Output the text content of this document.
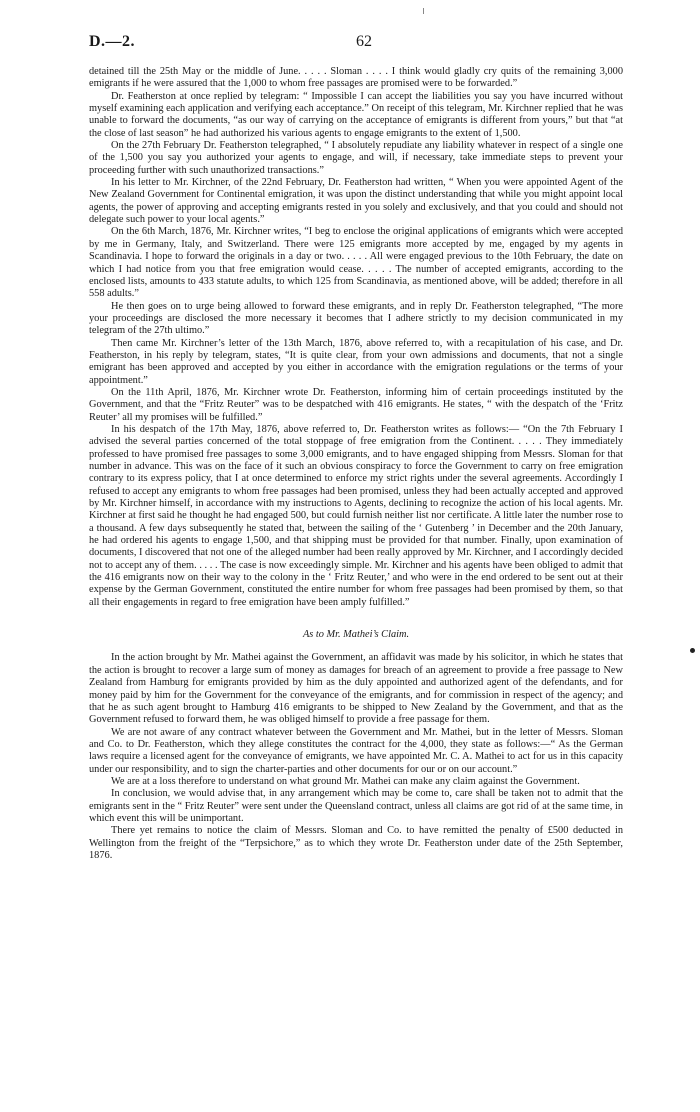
D.—2.	62

detained till the 25th May or the middle of June. . . . . Sloman . . . . I think would gladly cry quits of the remaining 3,000 emigrants if he were assured that the 1,000 to whom free passages are promised were to be forwarded.”

Dr. Featherston at once replied by telegram: “ Impossible I can accept the liabilities you say you have incurred without myself examining each application and verifying each acceptance.” On receipt of this telegram, Mr. Kirchner replied that he was unable to forward the documents, “as our way of carrying on the acceptance of emigrants is different from yours,” but that “at the close of last season” he had authorized his various agents to engage emigrants to the extent of 1,500.

On the 27th February Dr. Featherston telegraphed, “ I absolutely repudiate any liability whatever in respect of a single one of the 1,500 you say you authorized your agents to engage, and will, if necessary, take immediate steps to prevent your proceeding further with such unauthorized transactions.”

In his letter to Mr. Kirchner, of the 22nd February, Dr. Featherston had written, “ When you were appointed Agent of the New Zealand Government for Continental emigration, it was upon the distinct understanding that while you might appoint local agents, the power of approving and accepting emigrants rested in you solely and exclusively, and that you could and should not delegate such power to your local agents.”

On the 6th March, 1876, Mr. Kirchner writes, “I beg to enclose the original applications of emigrants which were accepted by me in Germany, Italy, and Switzerland. There were 125 emigrants more accepted by me, engaged by my agents in Scandinavia. I hope to forward the originals in a day or two. . . . . All were engaged previous to the 10th February, the date on which I had notice from you that free emigration would cease. . . . . The number of accepted emigrants, according to the enclosed lists, amounts to 433 statute adults, to which 125 from Scandinavia, as mentioned above, will be added; therefore in all 558 adults.”

He then goes on to urge being allowed to forward these emigrants, and in reply Dr. Featherston telegraphed, “The more your proceedings are disclosed the more necessary it becomes that I adhere strictly to my decision communicated in my telegram of the 27th ultimo.”

Then came Mr. Kirchner’s letter of the 13th March, 1876, above referred to, with a recapitulation of his case, and Dr. Featherston, in his reply by telegram, states, “It is quite clear, from your own admissions and documents, that not a single emigrant has been approved and accepted by you either in accordance with the emigration regulations or the terms of your appointment.”

On the 11th April, 1876, Mr. Kirchner wrote Dr. Featherston, informing him of certain proceedings instituted by the Government, and that the “Fritz Reuter” was to be despatched with 416 emigrants. He states, “ with the despatch of the ‘Fritz Reuter’ all my promises will be fulfilled.”

In his despatch of the 17th May, 1876, above referred to, Dr. Featherston writes as follows:— “On the 7th February I advised the several parties concerned of the total stoppage of free emigration from the Continent. . . . . They immediately professed to have promised free passages to some 3,000 emigrants, and to have engaged shipping from Messrs. Sloman for that number in advance. This was on the face of it such an obvious conspiracy to force the Government to carry on free emigration contrary to its express policy, that I at once determined to enforce my strict rights under the several agreements. Accordingly I refused to accept any emigrants to whom free passages had been promised, unless they had been actually accepted and approved by Mr. Kirchner himself, in accordance with my instructions to Agents, declining to recognize the action of his local agents. Mr. Kirchner at first said he thought he had engaged 500, but could furnish neither list nor certificate. A little later the number rose to a thousand. A few days subsequently he stated that, between the sailing of the ‘ Gutenberg ’ in December and the 20th January, he had ordered his agents to engage 1,500, and that shipping must be provided for that number. Finally, upon examination of documents, I discovered that not one of the alleged number had been really approved by Mr. Kirchner, and I accordingly decided not to accept any of them. . . . . The case is now exceedingly simple. Mr. Kirchner and his agents have been obliged to admit that the 416 emigrants now on their way to the colony in the ‘ Fritz Reuter,’ and who were in the end ordered to be sent out at their expense by the German Government, constituted the entire number for whom free passages had been promised by them, so that all their engagements in regard to free emigration have been amply fulfilled.”

As to Mr. Mathei’s Claim.

In the action brought by Mr. Mathei against the Government, an affidavit was made by his solicitor, in which he states that the action is brought to recover a large sum of money as damages for breach of an agreement to provide a free passage to New Zealand from Hamburg for emigrants provided by him as the duly appointed and authorized agent of the defendants, and for money paid by him for the Government for the conveyance of the emigrants, and for commission in respect of the agency; and that he as such agent brought to Hamburg 416 emigrants to be shipped to New Zealand by the Government, and that as the Government refused to forward them, he was obliged himself to provide a free passage for them.

We are not aware of any contract whatever between the Government and Mr. Mathei, but in the letter of Messrs. Sloman and Co. to Dr. Featherston, which they allege constitutes the contract for the 4,000, they state as follows:—“ As the German laws require a licensed agent for the conveyance of emigrants, we have appointed Mr. C. A. Mathei to act for us in this capacity under our responsibility, and to sign the charter-parties and other documents for our or on our account.”

We are at a loss therefore to understand on what ground Mr. Mathei can make any claim against the Government.

In conclusion, we would advise that, in any arrangement which may be come to, care shall be taken not to admit that the emigrants sent in the “ Fritz Reuter” were sent under the Queensland contract, unless all claims are got rid of at the same time, in which event this will be unimportant.

There yet remains to notice the claim of Messrs. Sloman and Co. to have remitted the penalty of £500 deducted in Wellington from the freight of the “Terpsichore,” as to which they wrote Dr. Featherston under date of the 25th September, 1876.
